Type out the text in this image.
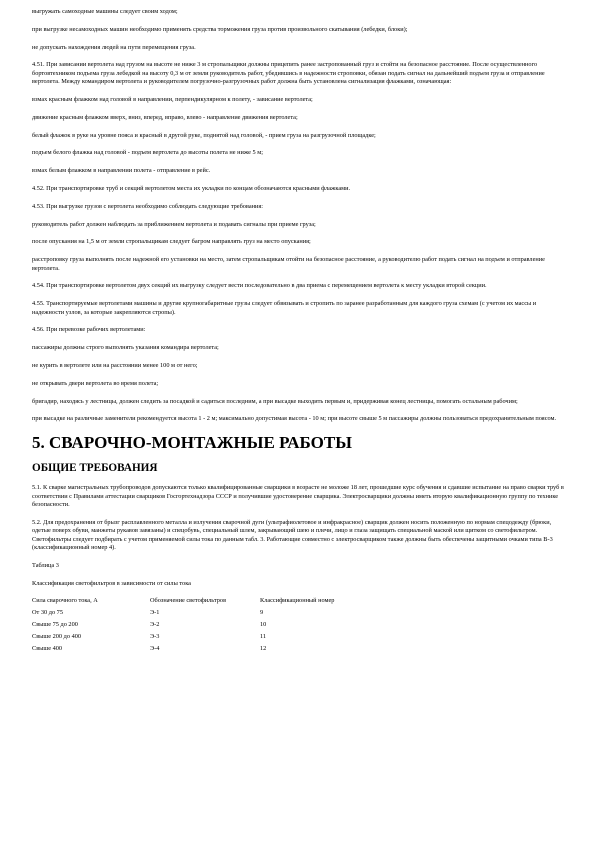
выгружать самоходные машины следует своим ходом;

при выгрузке несамоходных машин необходимо применять средства торможения груза против произвольного скатывания (лебедки, блоки);

не допускать нахождения людей на пути перемещения груза.

4.51. При зависании вертолета над грузом на высоте не ниже 3 м стропальщики должны прицепить ранее застропованный груз и стойти на безопасное расстояние. После осуществленного бортовтехником подъема груза лебедкой на высоту 0,3 м от земли руководитель работ, убедившись в надежности строповки, обязан подать сигнал на дальнейший подъем груза и отправление вертолета. Между командиром вертолета и руководителем погрузочно-разгрузочных работ должна быть установлена сигнализация флажками, означающая:

взмах красным флажком над головой в направлении, перпендикулярном к полету, - зависание вертолета;

движение красным флажком вверх, вниз, вперед, вправо, влево - направление движения вертолета;

белый флажок в руке на уровне пояса и красный в другой руке, поднятой над головой, - прием груза на разгрузочной площадке;

подъем белого флажка над головой - подъем вертолета до высоты полета не ниже 5 м;

взмах белым флажком в направлении полета - отправление в рейс.

4.52. При транспортировке труб и секций вертолетом места их укладки по концам обозначаются красными флажками.

4.53. При выгрузке грузов с вертолета необходимо соблюдать следующие требования:

руководитель работ должен наблюдать за приближением вертолета и подавать сигналы при приеме груза;

после опускания на 1,5 м от земли стропальщикам следует багром направлять груз на место опускания;

расстроповку груза выполнять после надежной его установки на место, затем стропальщикам отойти на безопасное расстояние, а руководителю работ подать сигнал на подъем и отправление вертолета.

4.54. При транспортировке вертолетом двух секций их выгрузку следует вести последовательно в два приема с перемещением вертолета к месту укладки второй секции.

4.55. Транспортируемые вертолетами машины и другие крупногабаритные грузы следует обвязывать и стропить по заранее разработанным для каждого груза схемам (с учетом их массы и надежности узлов, за которые закрепляются стропы).

4.56. При перевозке рабочих вертолетами:

пассажиры должны строго выполнять указания командира вертолета;

не курить в вертолете или на расстоянии менее 100 м от него;

не открывать двери вертолета во время полета;

бригадир, находясь у лестницы, должен следить за посадкой и садиться последним, а при высадке выходить первым и, придерживая конец лестницы, помогать остальным рабочим;

при высадке на различные заменители рекомендуется высота 1 - 2 м; максимально допустимая высота - 10 м; при высоте свыше 5 м пассажиры должны пользоваться предохранительным поясом.

5. СВАРОЧНО-МОНТАЖНЫЕ РАБОТЫ
ОБЩИЕ ТРЕБОВАНИЯ

5.1. К сварке магистральных трубопроводов допускаются только квалифицированные сварщики в возрасте не моложе 18 лет, прошедшие курс обучения и сдавшие испытание на право сварки труб в соответствии с Правилами аттестации сварщиков Госгортехнадзора СССР и получившие удостоверение сварщика. Электросварщики должны иметь вторую квалификационную группу по технике безопасности.

5.2. Для предохранения от брызг расплавленного металла и излучения сварочной дуги (ультрафиолетовое и инфракрасное) сварщик должен носить положенную по нормам спецодежду (брюки, одетые поверх обуви, манжеты рукавов завязаны) и спецобувь, специальный шлем, закрывающий шею и плечи, лицо и глаза защищать специальной маской или щитком со светофильтром. Светофильтры следует подбирать с учетом применяемой силы тока по данным табл. 3. Работающие совместно с электросварщиком также должны быть обеспечены защитными очками типа В-3 (классификационный номер 4).

Таблица 3

Классификация светофильтров в зависимости от силы тока

Сила сварочного тока, А	Обозначение светофильтров	Классификационный номер
От 30 до 75	Э-1	9
Свыше 75 до 200	Э-2	10
Свыше 200 до 400	Э-3	11
Свыше 400	Э-4	12
